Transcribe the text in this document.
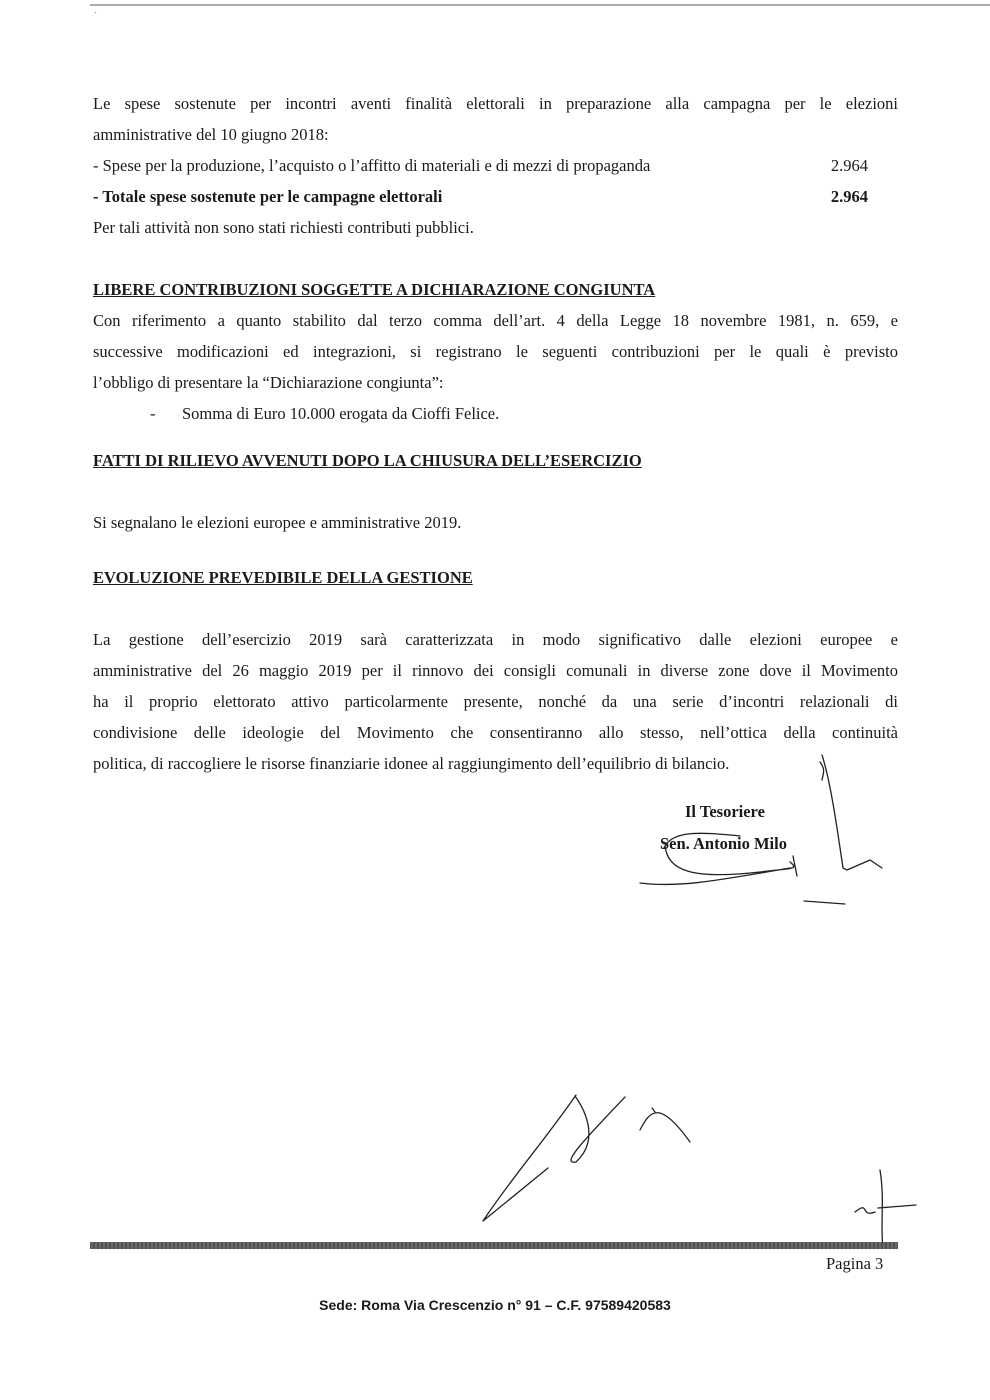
Le spese sostenute per incontri aventi finalità elettorali in preparazione alla campagna per le elezioni
amministrative del 10 giugno 2018:
- Spese per la produzione, l’acquisto o l’affitto di materiali e di mezzi di propaganda	2.964
- Totale spese sostenute per le campagne elettorali	2.964

Per tali attività non sono stati richiesti contributi pubblici.

LIBERE CONTRIBUZIONI SOGGETTE A DICHIARAZIONE CONGIUNTA

Con riferimento a quanto stabilito dal terzo comma dell’art. 4 della Legge 18 novembre 1981, n. 659, e
successive modificazioni ed integrazioni, si registrano le seguenti contribuzioni per le quali è previsto
l’obbligo di presentare la “Dichiarazione congiunta”:
-	Somma di Euro 10.000 erogata da Cioffi Felice.

FATTI DI RILIEVO AVVENUTI DOPO LA CHIUSURA DELL’ESERCIZIO

Si segnalano le elezioni europee e amministrative 2019.

EVOLUZIONE PREVEDIBILE DELLA GESTIONE

La gestione dell’esercizio 2019 sarà caratterizzata in modo significativo dalle elezioni europee e
amministrative del 26 maggio 2019 per il rinnovo dei consigli comunali in diverse zone dove il Movimento
ha il proprio elettorato attivo particolarmente presente, nonché da una serie d’incontri relazionali di
condivisione delle ideologie del Movimento che consentiranno allo stesso, nell’ottica della continuità
politica, di raccogliere le risorse finanziarie idonee al raggiungimento dell’equilibrio di bilancio.
Il Tesoriere
Sen. Antonio Milo
Pagina 3
Sede: Roma Via Crescenzio n° 91 – C.F. 97589420583
